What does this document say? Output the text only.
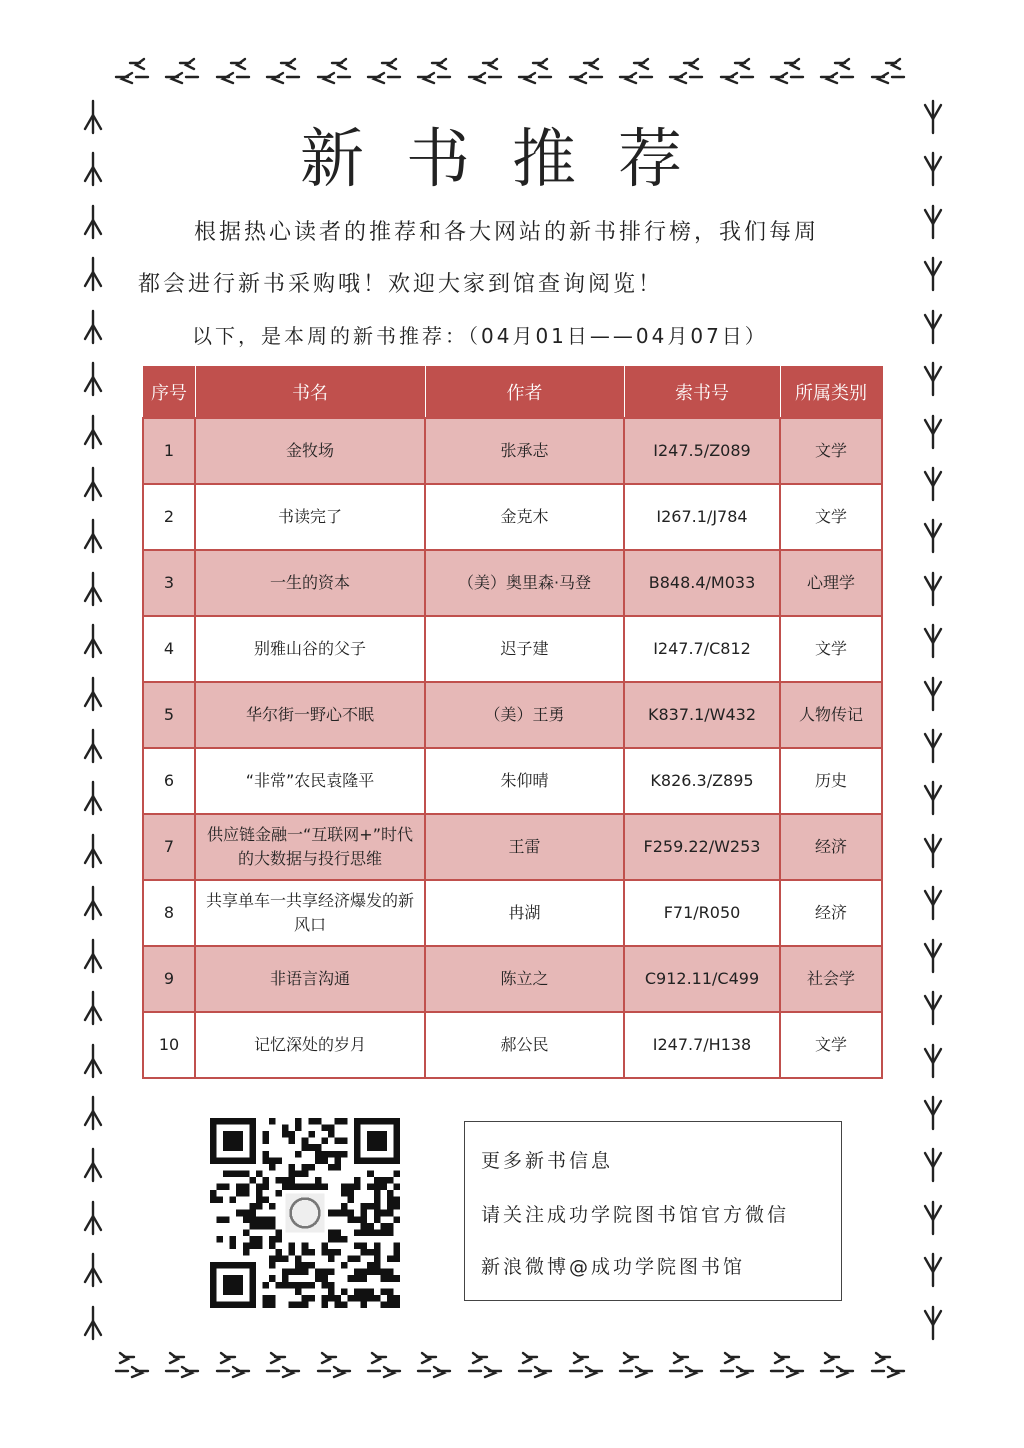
新书推荐
根据热心读者的推荐和各大网站的新书排行榜，我们每周
都会进行新书采购哦！欢迎大家到馆查询阅览！
以下，是本周的新书推荐：（04月01日——04月07日）
序号	书名	作者	索书号	所属类别
1	金牧场	张承志	I247.5/Z089	文学
2	书读完了	金克木	I267.1/J784	文学
3	一生的资本	（美）奥里森·马登	B848.4/M033	心理学
4	别雅山谷的父子	迟子建	I247.7/C812	文学
5	华尔街一野心不眠	（美）王勇	K837.1/W432	人物传记
6	“非常”农民袁隆平	朱仰晴	K826.3/Z895	历史
7	供应链金融一“互联网+”时代的大数据与投行思维	王雷	F259.22/W253	经济
8	共享单车一共享经济爆发的新风口	冉湖	F71/R050	经济
9	非语言沟通	陈立之	C912.11/C499	社会学
10	记忆深处的岁月	郝公民	I247.7/H138	文学
更多新书信息
请关注成功学院图书馆官方微信
新浪微博@成功学院图书馆
